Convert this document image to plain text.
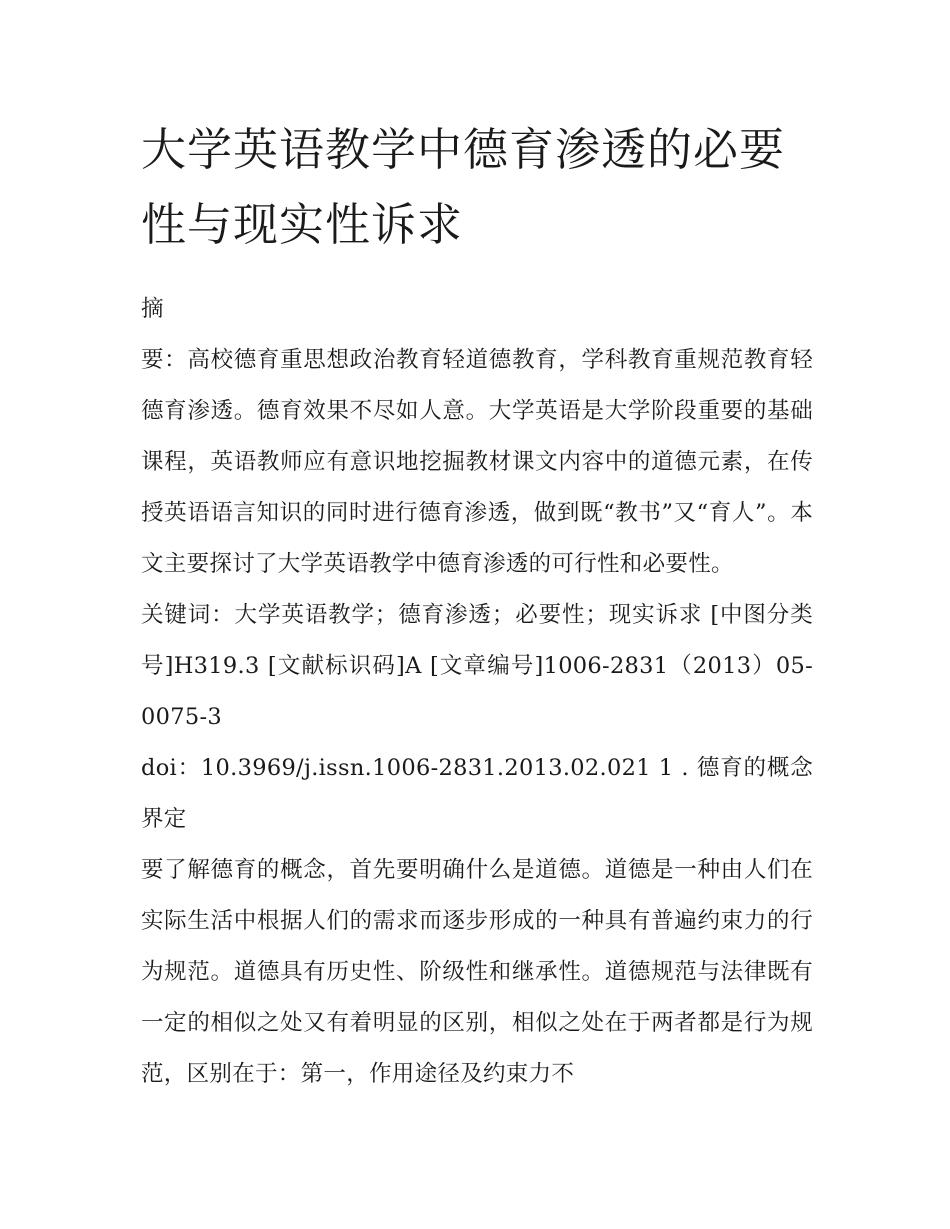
大学英语教学中德育渗透的必要性与现实性诉求

摘

要：高校德育重思想政治教育轻道德教育，学科教育重规范教育轻德育渗透。德育效果不尽如人意。大学英语是大学阶段重要的基础课程，英语教师应有意识地挖掘教材课文内容中的道德元素，在传授英语语言知识的同时进行德育渗透，做到既“教书”又“育人”。本文主要探讨了大学英语教学中德育渗透的可行性和必要性。

关键词：大学英语教学；德育渗透；必要性；现实诉求 [中图分类号]H319.3 [文献标识码]A [文章编号]1006-2831（2013）05-0075-3

doi：10.3969/j.issn.1006-2831.2013.02.021 1 . 德育的概念界定

要了解德育的概念，首先要明确什么是道德。道德是一种由人们在实际生活中根据人们的需求而逐步形成的一种具有普遍约束力的行为规范。道德具有历史性、阶级性和继承性。道德规范与法律既有一定的相似之处又有着明显的区别，相似之处在于两者都是行为规范，区别在于：第一，作用途径及约束力不
